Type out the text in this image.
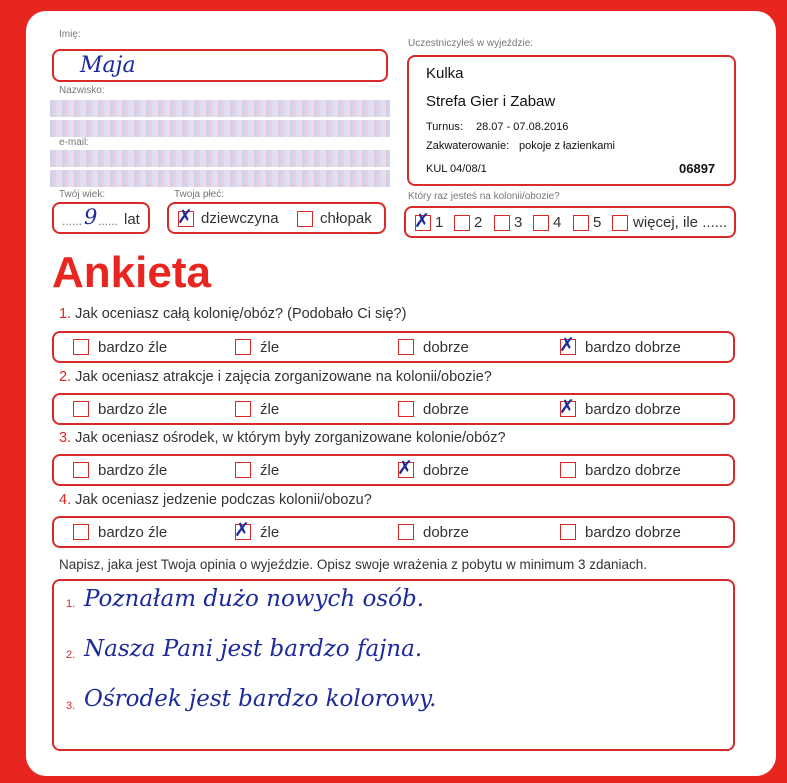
Imię:
Maja
Nazwisko:
e-mail:
Twój wiek:
...... 9 ...... lat
Twoja płeć:
✗ dziewczyna	chłopak
Uczestniczyłeś w wyjeździe:
Kulka
Strefa Gier i Zabaw
Turnus: 28.07 - 07.08.2016
Zakwaterowanie: pokoje z łazienkami
KUL 04/08/1	06897
Który raz jesteś na kolonii/obozie?
✗ 1 2 3 4 5 więcej, ile ......
Ankieta
1. Jak oceniasz całą kolonię/obóz? (Podobało Ci się?)
bardzo źle	źle	dobrze	✗ bardzo dobrze
2. Jak oceniasz atrakcje i zajęcia zorganizowane na kolonii/obozie?
bardzo źle	źle	dobrze	✗ bardzo dobrze
3. Jak oceniasz ośrodek, w którym były zorganizowane kolonie/obóz?
bardzo źle	źle	✗ dobrze	bardzo dobrze
4. Jak oceniasz jedzenie podczas kolonii/obozu?
bardzo źle	✗ źle	dobrze	bardzo dobrze
Napisz, jaka jest Twoja opinia o wyjeździe. Opisz swoje wrażenia z pobytu w minimum 3 zdaniach.
1. Poznałam dużo nowych osób.
2. Nasza Pani jest bardzo fajna.
3. Ośrodek jest bardzo kolorowy.
